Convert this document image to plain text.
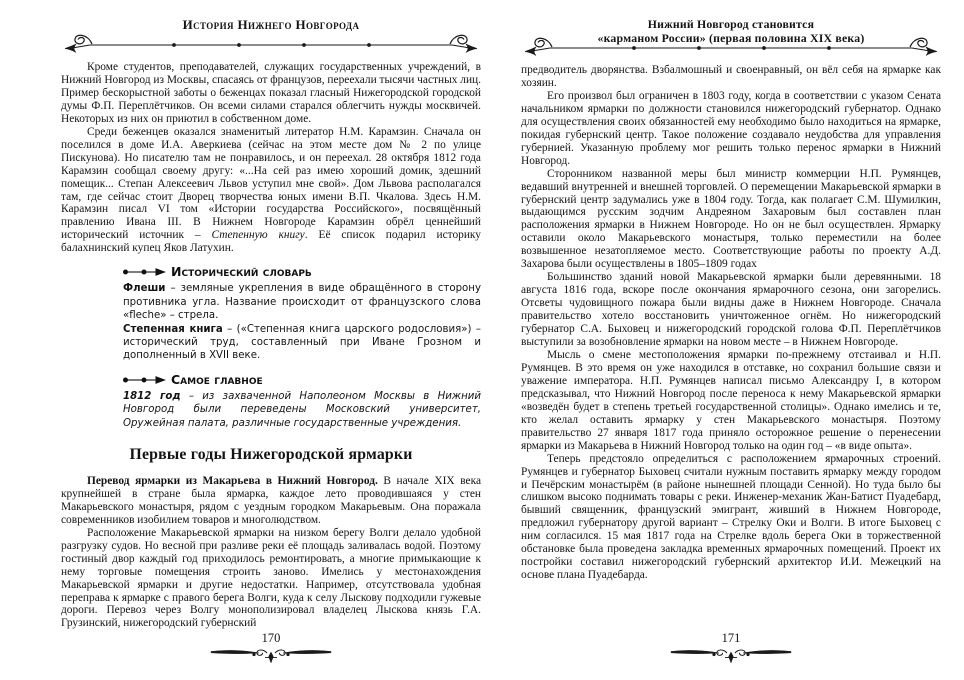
История Нижнего Новгорода

Кроме студентов, преподавателей, служащих государственных учреждений, в Нижний Новгород из Москвы, спасаясь от французов, переехали тысячи частных лиц. Пример бескорыстной заботы о беженцах показал гласный Нижегородской городской думы Ф.П. Переплётчиков. Он всеми силами старался облегчить нужды москвичей. Некоторых из них он приютил в собственном доме.

Среди беженцев оказался знаменитый литератор Н.М. Карамзин. Сначала он поселился в доме И.А. Аверкиева (сейчас на этом месте дом № 2 по улице Пискунова). Но писателю там не понравилось, и он переехал. 28 октября 1812 года Карамзин сообщал своему другу: «...На сей раз имею хороший домик, здешний помещик... Степан Алексеевич Львов уступил мне свой». Дом Львова располагался там, где сейчас стоит Дворец творчества юных имени В.П. Чкалова. Здесь Н.М. Карамзин писал VI том «Истории государства Российского», посвящённый правлению Ивана III. В Нижнем Новгороде Карамзин обрёл ценнейший исторический источник – Степенную книгу. Её список подарил историку балахнинский купец Яков Латухин.

Исторический словарь

Флеши – земляные укрепления в виде обращённого в сторону противника угла. Название происходит от французского слова «fleche» – стрела.

Степенная книга – («Степенная книга царского родословия») – исторический труд, составленный при Иване Грозном и дополненный в XVII веке.

Самое главное

1812 год – из захваченной Наполеоном Москвы в Нижний Новгород были переведены Московский университет, Оружейная палата, различные государственные учреждения.

Первые годы Нижегородской ярмарки

Перевод ярмарки из Макарьева в Нижний Новгород. В начале XIX века крупнейшей в стране была ярмарка, каждое лето проводившаяся у стен Макарьевского монастыря, рядом с уездным городком Макарьевым. Она поражала современников изобилием товаров и многолюдством.

Расположение Макарьевской ярмарки на низком берегу Волги делало удобной разгрузку судов. Но весной при разливе реки её площадь заливалась водой. Поэтому гостиный двор каждый год приходилось ремонтировать, а многие примыкающие к нему торговые помещения строить заново. Имелись у местонахождения Макарьевской ярмарки и другие недостатки. Например, отсутствовала удобная переправа к ярмарке с правого берега Волги, куда к селу Лыскову подходили гужевые дороги. Перевоз через Волгу монополизировал владелец Лыскова князь Г.А. Грузинский, нижегородский губернский

170
Нижний Новгород становится
«карманом России» (первая половина XIX века)

предводитель дворянства. Взбалмошный и своенравный, он вёл себя на ярмарке как хозяин.

Его произвол был ограничен в 1803 году, когда в соответствии с указом Сената начальником ярмарки по должности становился нижегородский губернатор. Однако для осуществления своих обязанностей ему необходимо было находиться на ярмарке, покидая губернский центр. Такое положение создавало неудобства для управления губернией. Указанную проблему мог решить только перенос ярмарки в Нижний Новгород.

Сторонником названной меры был министр коммерции Н.П. Румянцев, ведавший внутренней и внешней торговлей. О перемещении Макарьевской ярмарки в губернский центр задумались уже в 1804 году. Тогда, как полагает С.М. Шумилкин, выдающимся русским зодчим Андреяном Захаровым был составлен план расположения ярмарки в Нижнем Новгороде. Но он не был осуществлен. Ярмарку оставили около Макарьевского монастыря, только переместили на более возвышенное незатопляемое место. Соответствующие работы по проекту А.Д. Захарова были осуществлены в 1805–1809 годах

Большинство зданий новой Макарьевской ярмарки были деревянными. 18 августа 1816 года, вскоре после окончания ярмарочного сезона, они загорелись. Отсветы чудовищного пожара были видны даже в Нижнем Новгороде. Сначала правительство хотело восстановить уничтоженное огнём. Но нижегородский губернатор С.А. Быховец и нижегородский городской голова Ф.П. Переплётчиков выступили за возобновление ярмарки на новом месте – в Нижнем Новгороде.

Мысль о смене местоположения ярмарки по-прежнему отстаивал и Н.П. Румянцев. В это время он уже находился в отставке, но сохранил большие связи и уважение императора. Н.П. Румянцев написал письмо Александру I, в котором предсказывал, что Нижний Новгород после переноса к нему Макарьевской ярмарки «возведён будет в степень третьей государственной столицы». Однако имелись и те, кто желал оставить ярмарку у стен Макарьевского монастыря. Поэтому правительство 27 января 1817 года приняло осторожное решение о перенесении ярмарки из Макарьева в Нижний Новгород только на один год – «в виде опыта».

Теперь предстояло определиться с расположением ярмарочных строений. Румянцев и губернатор Быховец считали нужным поставить ярмарку между городом и Печёрским монастырём (в районе нынешней площади Сенной). Но туда было бы слишком высоко поднимать товары с реки. Инженер-механик Жан-Батист Пуадебард, бывший священник, французский эмигрант, живший в Нижнем Новгороде, предложил губернатору другой вариант – Стрелку Оки и Волги. В итоге Быховец с ним согласился. 15 мая 1817 года на Стрелке вдоль берега Оки в торжественной обстановке была проведена закладка временных ярмарочных помещений. Проект их постройки составил нижегородский губернский архитектор И.И. Межецкий на основе плана Пуадебарда.

171
